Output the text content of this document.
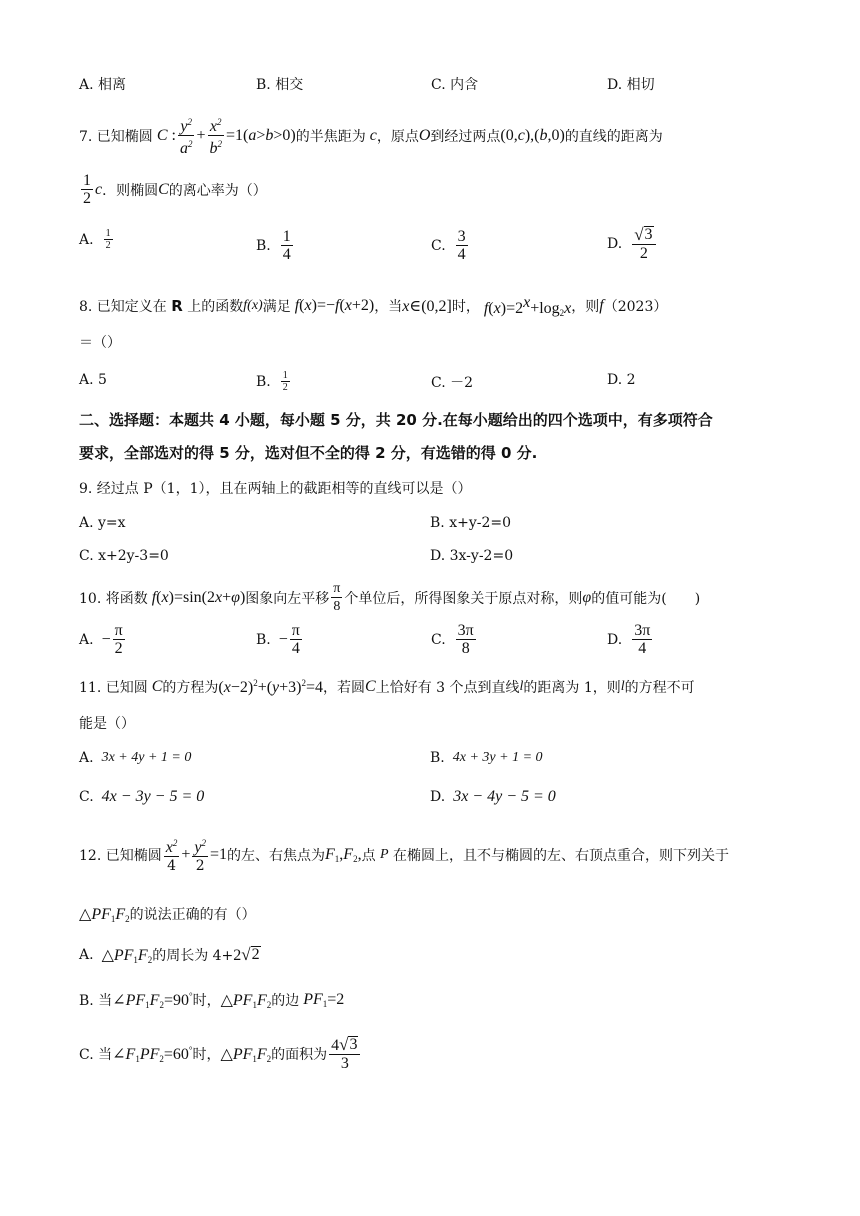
A. 相离	B. 相交	C. 内含	D. 相切
7. 已知椭圆 C : $\frac{y^2}{a^2} + \frac{x^2}{b^2} =1(a>b>0)$ 的半焦距为 c ，原点 O 到经过两点 (0,c),(b,0) 的直线的距离为
$\frac{1}{2}$ c ．则椭圆 C 的离心率为（）
A. $\frac{1}{2}$	B. $\frac{1}{4}$	C. $\frac{3}{4}$	D. $\frac{√ 3}{2}$
8. 已知定义在
R
上的函数 f(x) 满足 f(x)=−f(x+2) ，当 x∈(0,2] 时， $f(x)=2^x+\log_2x$ ，则 f （2023）
＝（）
A. 5	B. $\frac{1}{2}$	C. －2	D. 2
二、选择题：本题共 4 小题，每小题 5 分，共 20 分.在每小题给出的四个选项中，有多项符合
要求，全部选对的得 5 分，选对但不全的得 2 分，有选错的得 0 分.
9. 经过点 P（1，1），且在两轴上的截距相等的直线可以是（）
A. y=x	B. x+y-2=0
C. x+2y-3=0	D. 3x-y-2=0
10. 将函数 f(x)=sin(2x+φ) 图象向左平移 $\frac{\pi}{8}$ 个单位后，所得图象关于原点对称，则 φ 的值可能为(　　)
A. − $\frac{\pi}{2}$	B. − $\frac{\pi}{4}$	C. $\frac{3\pi}{8}$	D. $\frac{3\pi}{4}$
11. 已知圆 C 的方程为 $(x-2)^2+(y+3)^2=4$ ，若圆 C 上恰好有 3 个点到直线 l 的距离为 1，则 l 的方程不可
能是（）
A. 3x + 4y + 1 = 0	B. 4x + 3y + 1 = 0
C. 4x − 3y − 5 = 0	D. 3x − 4y − 5 = 0
12. 已知椭圆 $\frac{x^2}{4} + \frac{y^2}{2} =1$ 的左、右焦点为 $F_1,F_2$, 点
P
在椭圆上，且不与椭圆的左、右顶点重合，则下列关于
$\triangle PF_1F_2$ 的说法正确的有（）
A. $\triangle PF_1F_2$ 的周长为 4+ 2 √ 2
B. 当 $\angle PF_1F_2=90^\circ$ 时， $\triangle PF_1F_2$ 的边 $PF_1=2$
C. 当 $\angle F_1PF_2=60^\circ$ 时， $\triangle PF_1F_2$ 的面积为 $\frac{4 √ 3}{3}$
